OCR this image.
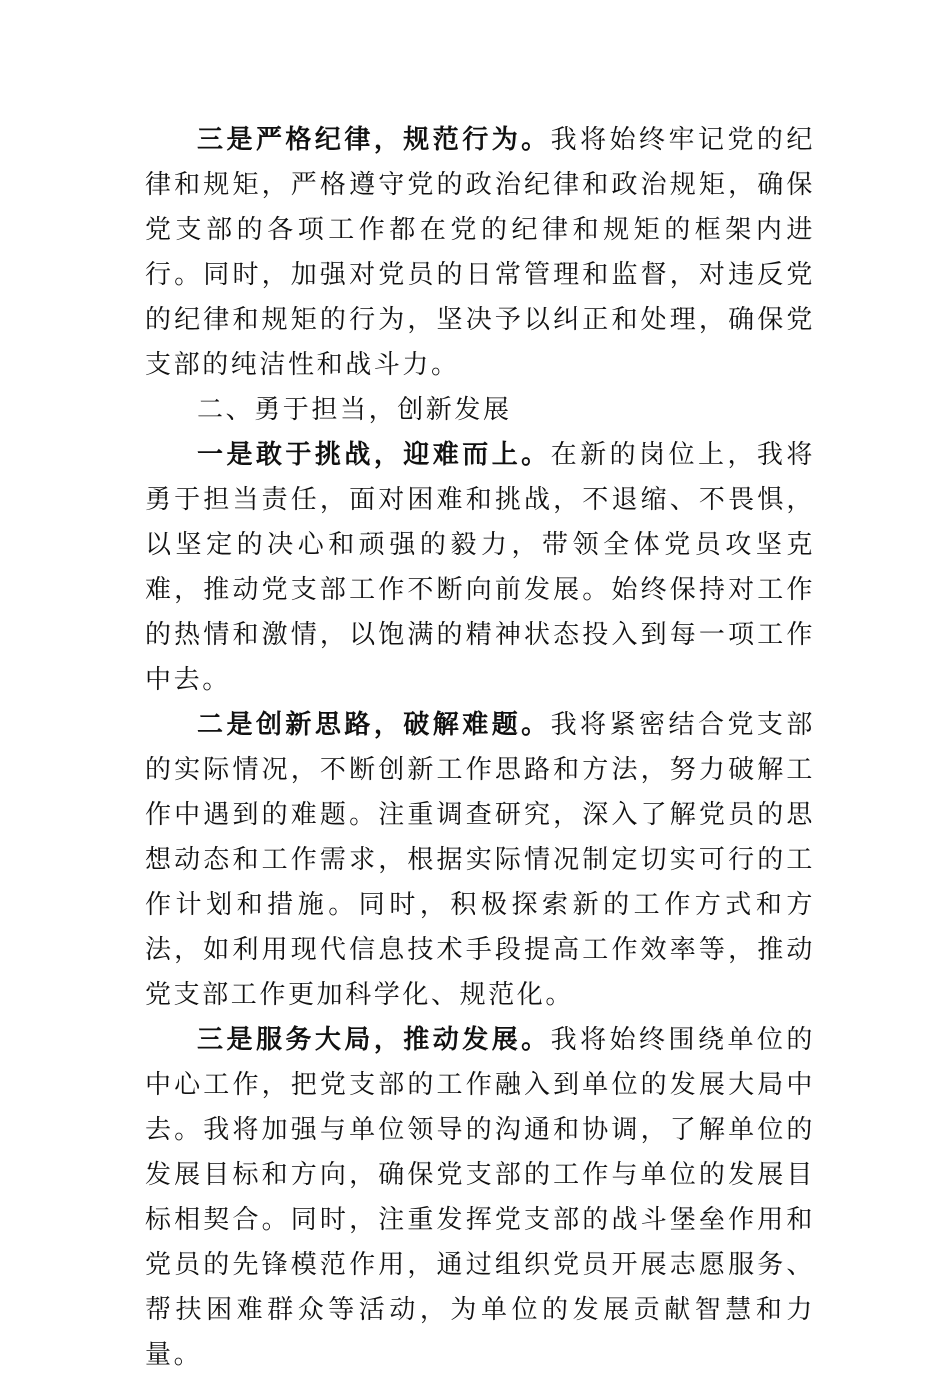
三是严格纪律，规范行为。我将始终牢记党的纪律和规矩，严格遵守党的政治纪律和政治规矩，确保党支部的各项工作都在党的纪律和规矩的框架内进行。同时，加强对党员的日常管理和监督，对违反党的纪律和规矩的行为，坚决予以纠正和处理，确保党支部的纯洁性和战斗力。

二、勇于担当，创新发展

一是敢于挑战，迎难而上。在新的岗位上，我将勇于担当责任，面对困难和挑战，不退缩、不畏惧，以坚定的决心和顽强的毅力，带领全体党员攻坚克难，推动党支部工作不断向前发展。始终保持对工作的热情和激情，以饱满的精神状态投入到每一项工作中去。

二是创新思路，破解难题。我将紧密结合党支部的实际情况，不断创新工作思路和方法，努力破解工作中遇到的难题。注重调查研究，深入了解党员的思想动态和工作需求，根据实际情况制定切实可行的工作计划和措施。同时，积极探索新的工作方式和方法，如利用现代信息技术手段提高工作效率等，推动党支部工作更加科学化、规范化。

三是服务大局，推动发展。我将始终围绕单位的中心工作，把党支部的工作融入到单位的发展大局中去。我将加强与单位领导的沟通和协调，了解单位的发展目标和方向，确保党支部的工作与单位的发展目标相契合。同时，注重发挥党支部的战斗堡垒作用和党员的先锋模范作用，通过组织党员开展志愿服务、帮扶困难群众等活动，为单位的发展贡献智慧和力量。
